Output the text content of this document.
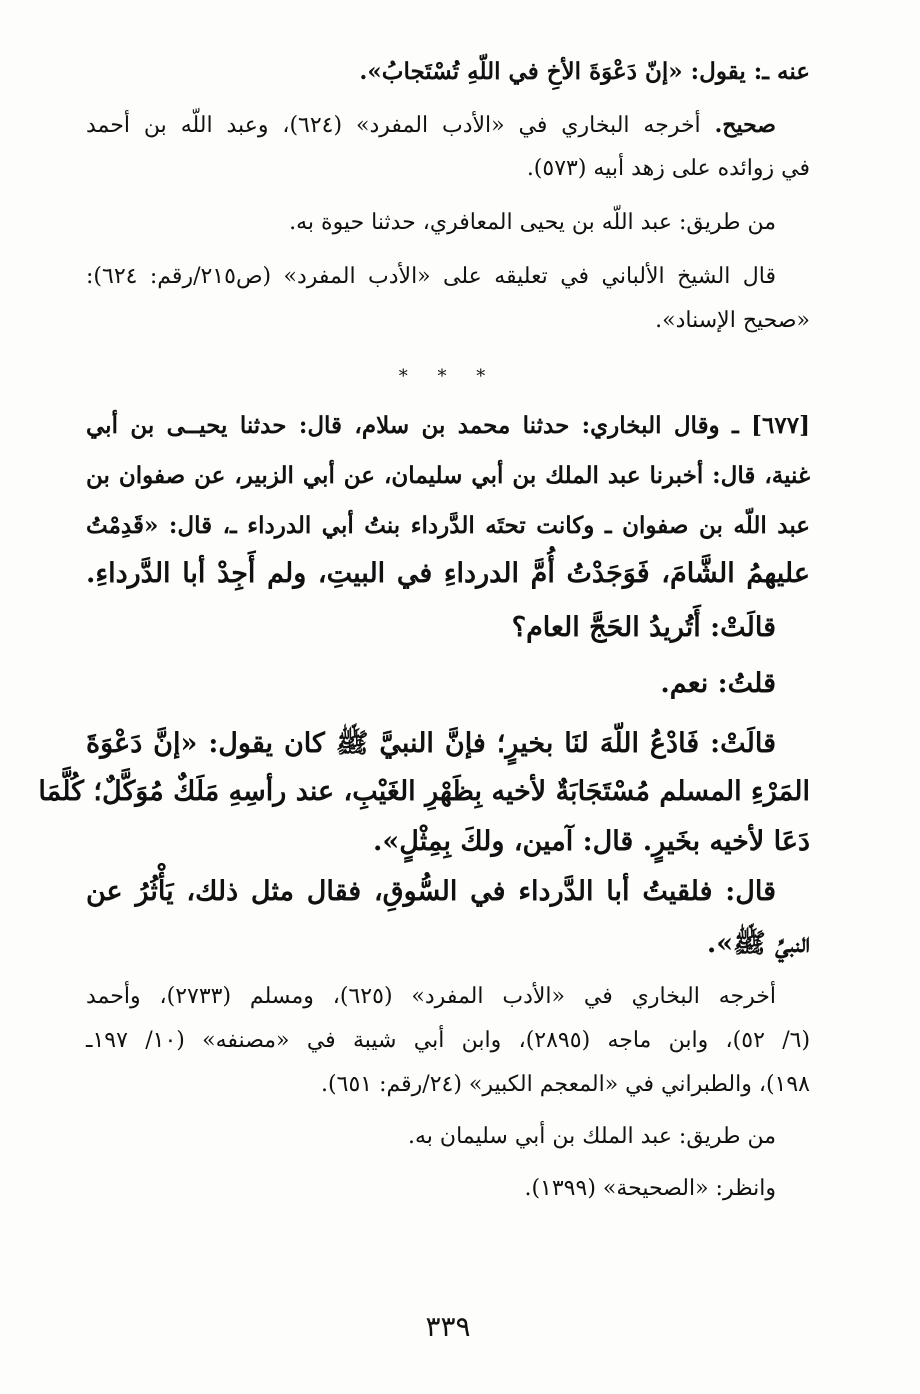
عنه ـ: يقول: «إنّ دَعْوَةَ الأخِ في اللّهِ تُسْتَجابُ».
صحيح. أخرجه البخاري في «الأدب المفرد» (٦٢٤)، وعبد اللّه بن أحمد
في زوائده على زهد أبيه (٥٧٣).
من طريق: عبد اللّه بن يحيى المعافري، حدثنا حيوة به.
قال الشيخ الألباني في تعليقه على «الأدب المفرد» (ص٢١٥/رقم: ٦٢٤):
«صحيح الإسناد».
* * *
[٦٧٧] ـ وقال البخاري: حدثنا محمد بن سلام، قال: حدثنا يحيــى بن أبي
غنية، قال: أخبرنا عبد الملك بن أبي سليمان، عن أبي الزبير، عن صفوان بن
عبد اللّه بن صفوان ـ وكانت تحتَه الدَّرداء بنتُ أبي الدرداء ـ، قال: «قَدِمْتُ
عليهمُ الشَّامَ، فَوَجَدْتُ أُمَّ الدرداءِ في البيتِ، ولم أَجِدْ أبا الدَّرداءِ.
قالَتْ: أَتُريدُ الحَجَّ العام؟
قلتُ: نعم.
قالَتْ: فَادْعُ اللّهَ لنَا بخيرٍ؛ فإنَّ النبيَّ ﷺ كان يقول: «إنَّ دَعْوَةَ
المَرْءِ المسلم مُسْتَجَابَةٌ لأخيه بِظَهْرِ الغَيْبِ، عند رأسِهِ مَلَكٌ مُوَكَّلٌ؛ كُلَّمَا
دَعَا لأخيه بخَيرٍ. قال: آمين، ولكَ بِمِثْلٍ».
قال: فلقيتُ أبا الدَّرداء في السُّوقِ، فقال مثل ذلك، يَأْثُرُ عن
النبيِّ ﷺ».
أخرجه البخاري في «الأدب المفرد» (٦٢٥)، ومسلم (٢٧٣٣)، وأحمد
(٦/ ٥٢)، وابن ماجه (٢٨٩٥)، وابن أبي شيبة في «مصنفه» (١٠/ ١٩٧ـ
١٩٨)، والطبراني في «المعجم الكبير» (٢٤/رقم: ٦٥١).
من طريق: عبد الملك بن أبي سليمان به.
وانظر: «الصحيحة» (١٣٩٩).
٣٣٩
